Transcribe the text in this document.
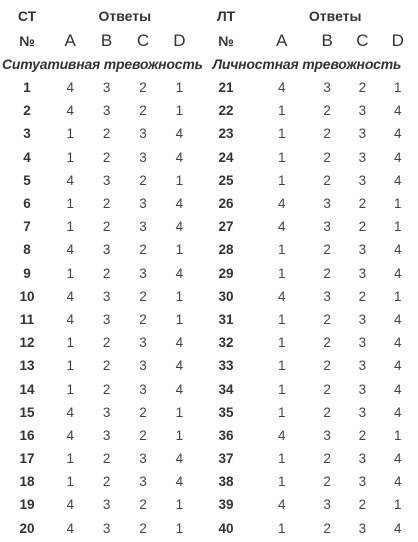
СТ	Ответы				ЛТ	Ответы			
№	A	B	C	D	№	A	B	C	D
Ситуативная тревожность					Личностная тревожность				
1	4	3	2	1	21	4	3	2	1
2	4	3	2	1	22	1	2	3	4
3	1	2	3	4	23	1	2	3	4
4	1	2	3	4	24	1	2	3	4
5	4	3	2	1	25	1	2	3	4
6	1	2	3	4	26	4	3	2	1
7	1	2	3	4	27	4	3	2	1
8	4	3	2	1	28	1	2	3	4
9	1	2	3	4	29	1	2	3	4
10	4	3	2	1	30	4	3	2	1
11	4	3	2	1	31	1	2	3	4
12	1	2	3	4	32	1	2	3	4
13	1	2	3	4	33	1	2	3	4
14	1	2	3	4	34	1	2	3	4
15	4	3	2	1	35	1	2	3	4
16	4	3	2	1	36	4	3	2	1
17	1	2	3	4	37	1	2	3	4
18	1	2	3	4	38	1	2	3	4
19	4	3	2	1	39	4	3	2	1
20	4	3	2	1	40	1	2	3	4
